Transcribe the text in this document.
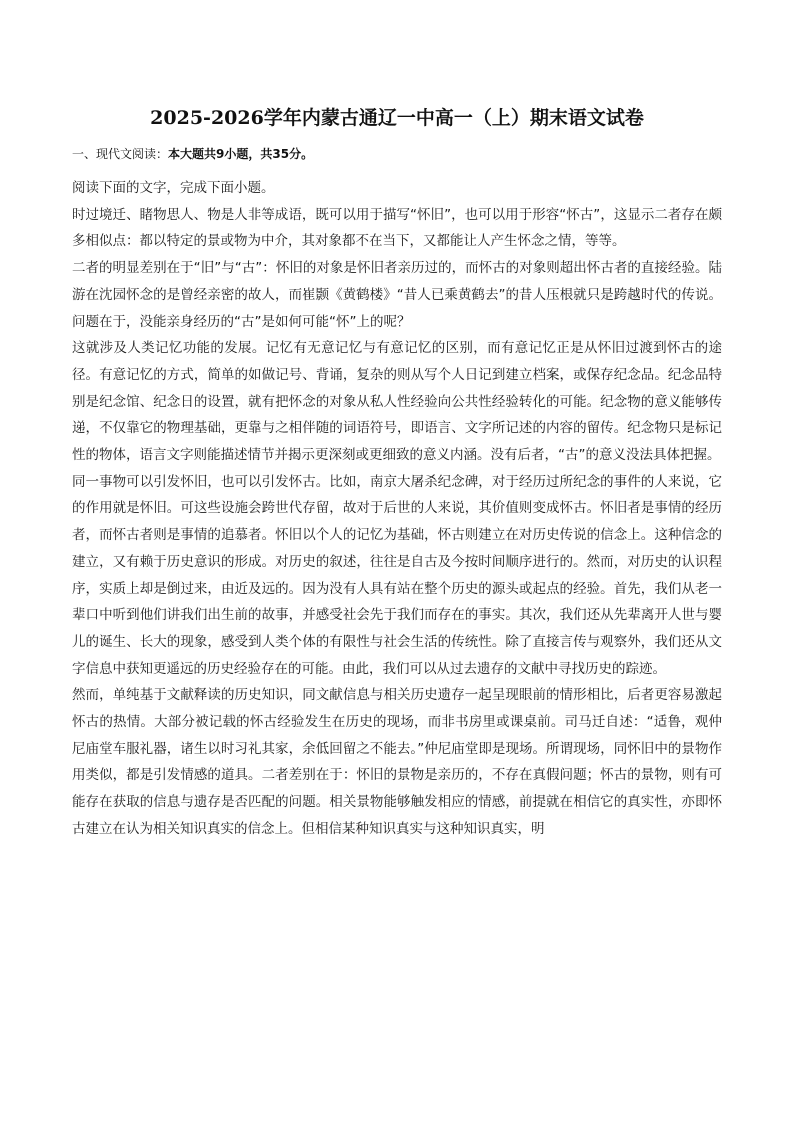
2025-2026学年内蒙古通辽一中高一（上）期末语文试卷
一、现代文阅读：本大题共9小题，共35分。

阅读下面的文字，完成下面小题。

时过境迁、睹物思人、物是人非等成语，既可以用于描写“怀旧”，也可以用于形容“怀古”，这显示二者存在颇多相似点：都以特定的景或物为中介，其对象都不在当下，又都能让人产生怀念之情，等等。

二者的明显差别在于“旧”与“古”：怀旧的对象是怀旧者亲历过的，而怀古的对象则超出怀古者的直接经验。陆游在沈园怀念的是曾经亲密的故人，而崔颢《黄鹤楼》“昔人已乘黄鹤去”的昔人压根就只是跨越时代的传说。问题在于，没能亲身经历的“古”是如何可能“怀”上的呢？

这就涉及人类记忆功能的发展。记忆有无意记忆与有意记忆的区别，而有意记忆正是从怀旧过渡到怀古的途径。有意记忆的方式，简单的如做记号、背诵，复杂的则从写个人日记到建立档案，或保存纪念品。纪念品特别是纪念馆、纪念日的设置，就有把怀念的对象从私人性经验向公共性经验转化的可能。纪念物的意义能够传递，不仅靠它的物理基础，更靠与之相伴随的词语符号，即语言、文字所记述的内容的留传。纪念物只是标记性的物体，语言文字则能描述情节并揭示更深刻或更细致的意义内涵。没有后者，“古”的意义没法具体把握。

同一事物可以引发怀旧，也可以引发怀古。比如，南京大屠杀纪念碑，对于经历过所纪念的事件的人来说，它的作用就是怀旧。可这些设施会跨世代存留，故对于后世的人来说，其价值则变成怀古。怀旧者是事情的经历者，而怀古者则是事情的追慕者。怀旧以个人的记忆为基础，怀古则建立在对历史传说的信念上。这种信念的建立，又有赖于历史意识的形成。对历史的叙述，往往是自古及今按时间顺序进行的。然而，对历史的认识程序，实质上却是倒过来，由近及远的。因为没有人具有站在整个历史的源头或起点的经验。首先，我们从老一辈口中听到他们讲我们出生前的故事，并感受社会先于我们而存在的事实。其次，我们还从先辈离开人世与婴儿的诞生、长大的现象，感受到人类个体的有限性与社会生活的传统性。除了直接言传与观察外，我们还从文字信息中获知更遥远的历史经验存在的可能。由此，我们可以从过去遗存的文献中寻找历史的踪迹。

然而，单纯基于文献释读的历史知识，同文献信息与相关历史遗存一起呈现眼前的情形相比，后者更容易激起怀古的热情。大部分被记载的怀古经验发生在历史的现场，而非书房里或课桌前。司马迁自述：“适鲁，观仲尼庙堂车服礼器，诸生以时习礼其家，余低回留之不能去。”仲尼庙堂即是现场。所谓现场，同怀旧中的景物作用类似，都是引发情感的道具。二者差别在于：怀旧的景物是亲历的，不存在真假问题；怀古的景物，则有可能存在获取的信息与遗存是否匹配的问题。相关景物能够触发相应的情感，前提就在相信它的真实性，亦即怀古建立在认为相关知识真实的信念上。但相信某种知识真实与这种知识真实，明
